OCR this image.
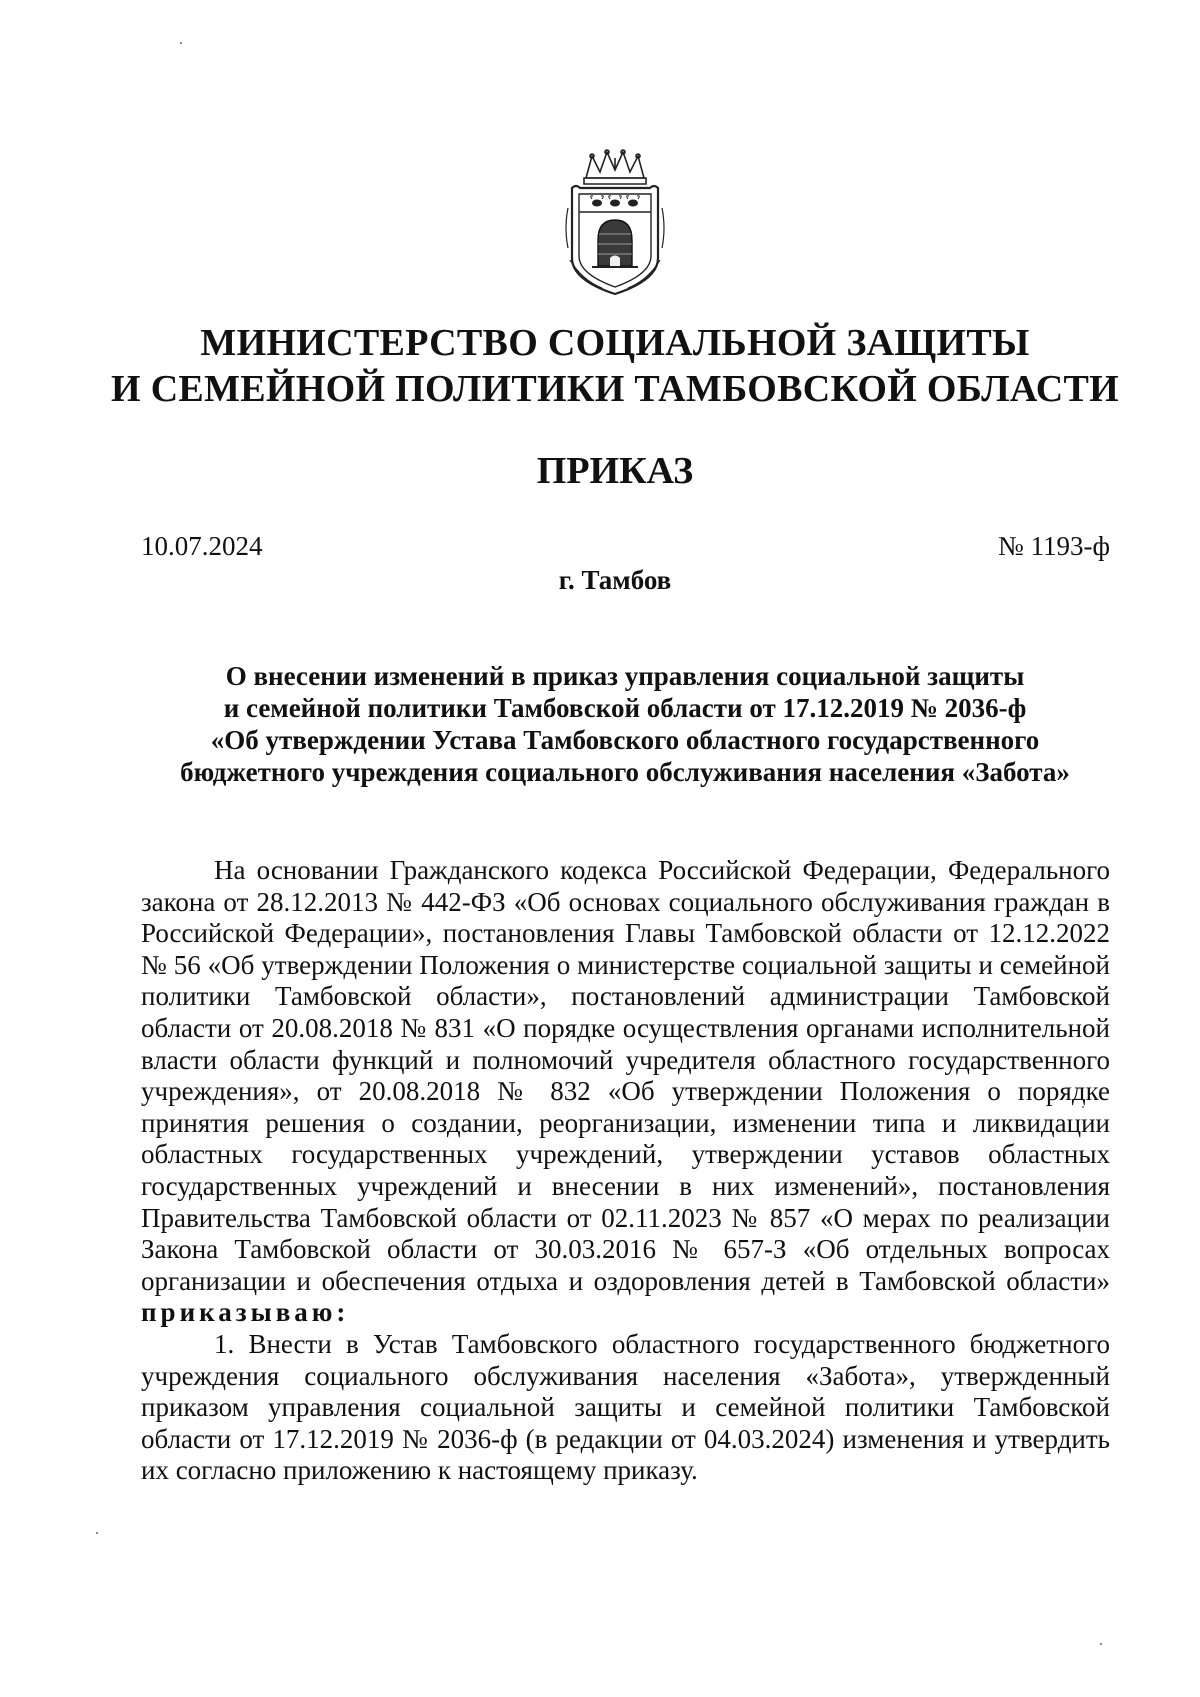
МИНИСТЕРСТВО СОЦИАЛЬНОЙ ЗАЩИТЫ
И СЕМЕЙНОЙ ПОЛИТИКИ ТАМБОВСКОЙ ОБЛАСТИ
ПРИКАЗ
10.07.2024	№ 1193-ф
г. Тамбов
О внесении изменений в приказ управления социальной защиты
и семейной политики Тамбовской области от 17.12.2019 № 2036-ф
«Об утверждении Устава Тамбовского областного государственного
бюджетного учреждения социального обслуживания населения «Забота»

На основании Гражданского кодекса Российской Федерации, Федерального закона от 28.12.2013 № 442-ФЗ «Об основах социального обслуживания граждан в Российской Федерации», постановления Главы Тамбовской области от 12.12.2022 № 56 «Об утверждении Положения о министерстве социальной защиты и семейной политики Тамбовской области», постановлений администрации Тамбовской области от 20.08.2018 № 831 «О порядке осуществления органами исполнительной власти области функций и полномочий учредителя областного государственного учреждения», от 20.08.2018 № 832 «Об утверждении Положения о порядке принятия решения о создании, реорганизации, изменении типа и ликвидации областных государственных учреждений, утверждении уставов областных государственных учреждений и внесении в них изменений», постановления Правительства Тамбовской области от 02.11.2023 № 857 «О мерах по реализации Закона Тамбовской области от 30.03.2016 № 657-З «Об отдельных вопросах организации и обеспечения отдыха и оздоровления детей в Тамбовской области» приказываю:

1. Внести в Устав Тамбовского областного государственного бюджетного учреждения социального обслуживания населения «Забота», утвержденный приказом управления социальной защиты и семейной политики Тамбовской области от 17.12.2019 № 2036-ф (в редакции от 04.03.2024) изменения и утвердить их согласно приложению к настоящему приказу.
